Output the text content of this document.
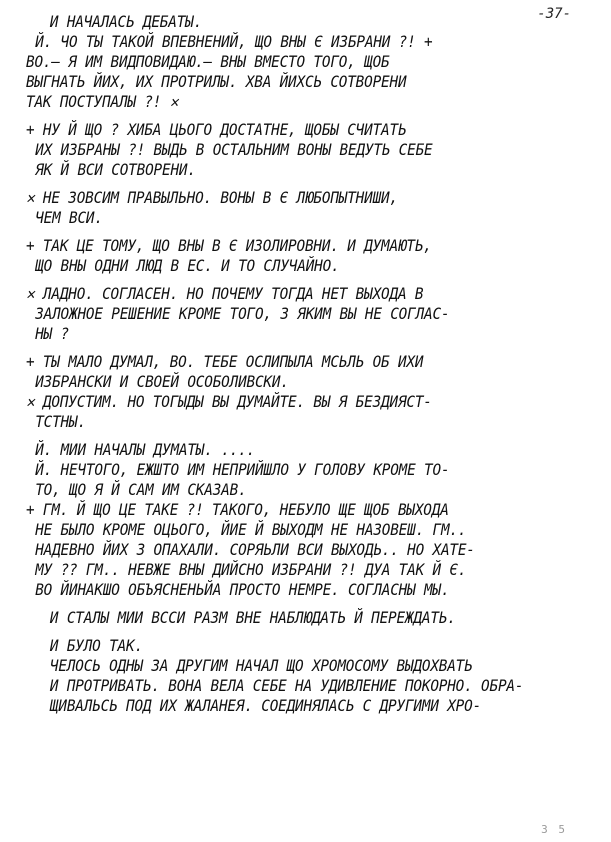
-37-
И НАЧАЛАСЬ ДЕБАТЫ.
Й. ЧО ТЫ ТАКОЙ ВПЕВНЕНИЙ, ЩО ВНЫ Є ИЗБРАНИ ?! +
ВО.– Я ИМ ВИДПОВИДАЮ.– ВНЫ ВМЕСТО ТОГО, ЩОБ
ВЫГНАТЬ ЙИХ, ИХ ПРОТРИЛЫ. ХВА ЙИХСЬ СОТВОРЕНИ
ТАК ПОСТУПАЛЫ ?! ✕
+ НУ Й ЩО ? ХИБА ЦЬОГО ДОСТАТНЕ, ЩОБЫ СЧИТАТЬ
ИХ ИЗБРАНЫ ?! ВЫДЬ В ОСТАЛЬНИМ ВОНЫ ВЕДУТЬ СЕБЕ
ЯК Й ВСИ СОТВОРЕНИ.
✕ НЕ ЗОВСИМ ПРАВЫЛЬНО. ВОНЫ В Є ЛЮБОПЫТНИШИ,
ЧЕМ ВСИ.
+ ТАК ЦЕ ТОМУ, ЩО ВНЫ В Є ИЗОЛИРОВНИ. И ДУМАЮТЬ,
ЩО ВНЫ ОДНИ ЛЮД В ЕС. И ТО СЛУЧАЙНО.
✕ ЛАДНО. СОГЛАСЕН. НО ПОЧЕМУ ТОГДА НЕТ ВЫХОДА В
ЗАЛОЖНОЕ РЕШЕНИЕ КРОМЕ ТОГО, З ЯКИМ ВЫ НЕ СОГЛАС-
НЫ ?
+ ТЫ МАЛО ДУМАЛ, ВО. ТЕБЕ ОСЛИПЫЛА МСЬЛЬ ОБ ИХИ
ИЗБРАНСКИ И СВОЕЙ ОСОБОЛИВСКИ.
✕ ДОПУСТИМ. НО ТОГЫДЫ ВЫ ДУМАЙТЕ. ВЫ Я БЕЗДИЯСТ-
ТСТНЫ.
Й. МИИ НАЧАЛЫ ДУМАТЫ. ....
Й. НЕЧТОГО, ЕЖШТО ИМ НЕПРИЙШЛО У ГОЛОВУ КРОМЕ ТО-
ТО, ЩО Я Й САМ ИМ СКАЗАВ.
+ ГМ. Й ЩО ЦЕ ТАКЕ ?! ТАКОГО, НЕБУЛО ЩЕ ЩОБ ВЫХОДА
НЕ БЫЛО КРОМЕ ОЦЬОГО, ЙИЕ Й ВЫХОДМ НЕ НАЗОВЕШ. ГМ..
НАДЕВНО ЙИХ З ОПАХАЛИ. СОРЯЬЛИ ВСИ ВЫХОДЬ.. НО ХАТЕ-
МУ ?? ГМ.. НЕВЖЕ ВНЫ ДИЙСНО ИЗБРАНИ ?! ДУА ТАК Й Є.
ВО ЙИНАКШО ОБЪЯСНЕНЬЙА ПРОСТО НЕМРЕ. СОГЛАСНЫ МЫ.
И СТАЛЫ МИИ ВССИ РАЗМ ВНЕ НАБЛЮДАТЬ Й ПЕРЕЖДАТЬ.
И БУЛО ТАК.
ЧЕЛОСЬ ОДНЫ ЗА ДРУГИМ НАЧАЛ ЩО ХРОМОСОМУ ВЫДОХВАТЬ
И ПРОТРИВАТЬ. ВОНА ВЕЛА СЕБЕ НА УДИВЛЕНИЕ ПОКОРНО. ОБРА-
ЩИВАЛЬСЬ ПОД ИХ ЖАЛАНЕЯ. СОЕДИНЯЛАСЬ С ДРУГИМИ ХРО-
3 5
